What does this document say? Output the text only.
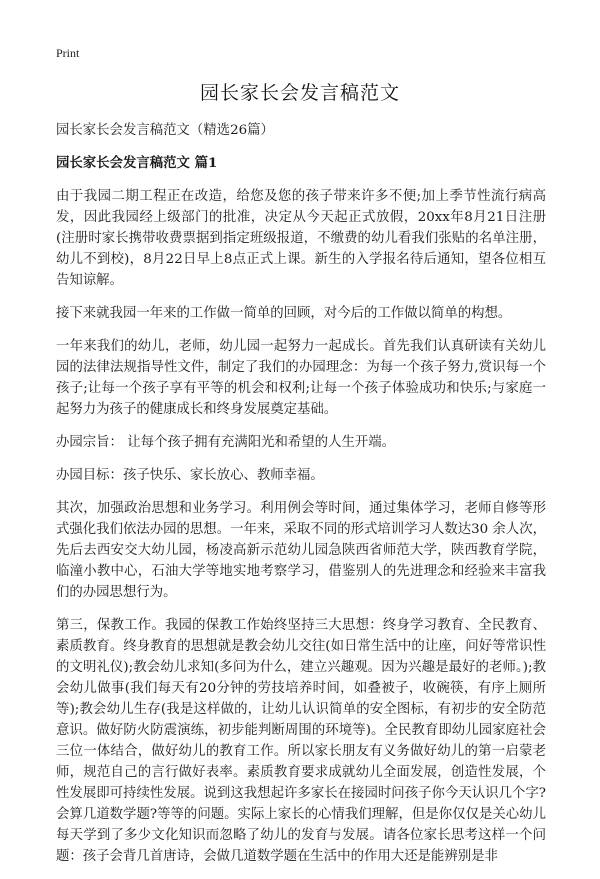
Print
园长家长会发言稿范文

园长家长会发言稿范文（精选26篇）

园长家长会发言稿范文 篇1

由于我园二期工程正在改造，给您及您的孩子带来许多不便;加上季节性流行病高发，因此我园经上级部门的批准，决定从今天起正式放假，20xx年8月21日注册(注册时家长携带收费票据到指定班级报道，不缴费的幼儿看我们张贴的名单注册，幼儿不到校)，8月22日早上8点正式上课。新生的入学报名待后通知，望各位相互告知谅解。

接下来就我园一年来的工作做一简单的回顾，对今后的工作做以简单的构想。

一年来我们的幼儿，老师，幼儿园一起努力一起成长。首先我们认真研读有关幼儿园的法律法规指导性文件，制定了我们的办园理念：为每一个孩子努力,赏识每一个孩子;让每一个孩子享有平等的机会和权利;让每一个孩子体验成功和快乐;与家庭一起努力为孩子的健康成长和终身发展奠定基础。

办园宗旨： 让每个孩子拥有充满阳光和希望的人生开端。

办园目标：孩子快乐、家长放心、教师幸福。

其次，加强政治思想和业务学习。利用例会等时间，通过集体学习，老师自修等形式强化我们依法办园的思想。一年来，采取不同的形式培训学习人数达30 余人次，先后去西安交大幼儿园，杨凌高新示范幼儿园急陕西省师范大学，陕西教育学院，临潼小教中心，石油大学等地实地考察学习，借鉴别人的先进理念和经验来丰富我们的办园思想行为。

第三，保教工作。我园的保教工作始终坚持三大思想：终身学习教育、全民教育、素质教育。终身教育的思想就是教会幼儿交往(如日常生活中的让座，问好等常识性的文明礼仪);教会幼儿求知(多问为什么，建立兴趣观。因为兴趣是最好的老师。);教会幼儿做事(我们每天有20分钟的劳技培养时间，如叠被子，收碗筷，有序上厕所等);教会幼儿生存(我是这样做的，让幼儿认识简单的安全图标，有初步的安全防范意识。做好防火防震演练，初步能判断周围的环境等)。全民教育即幼儿园家庭社会三位一体结合，做好幼儿的教育工作。所以家长朋友有义务做好幼儿的第一启蒙老师，规范自己的言行做好表率。素质教育要求成就幼儿全面发展，创造性发展，个性发展即可持续性发展。说到这我想起许多家长在接园时问孩子你今天认识几个字?会算几道数学题?等等的问题。实际上家长的心情我们理解，但是你仅仅是关心幼儿每天学到了多少文化知识而忽略了幼儿的发育与发展。请各位家长思考这样一个问题：孩子会背几首唐诗，会做几道数学题在生活中的作用大还是能辨别是非
